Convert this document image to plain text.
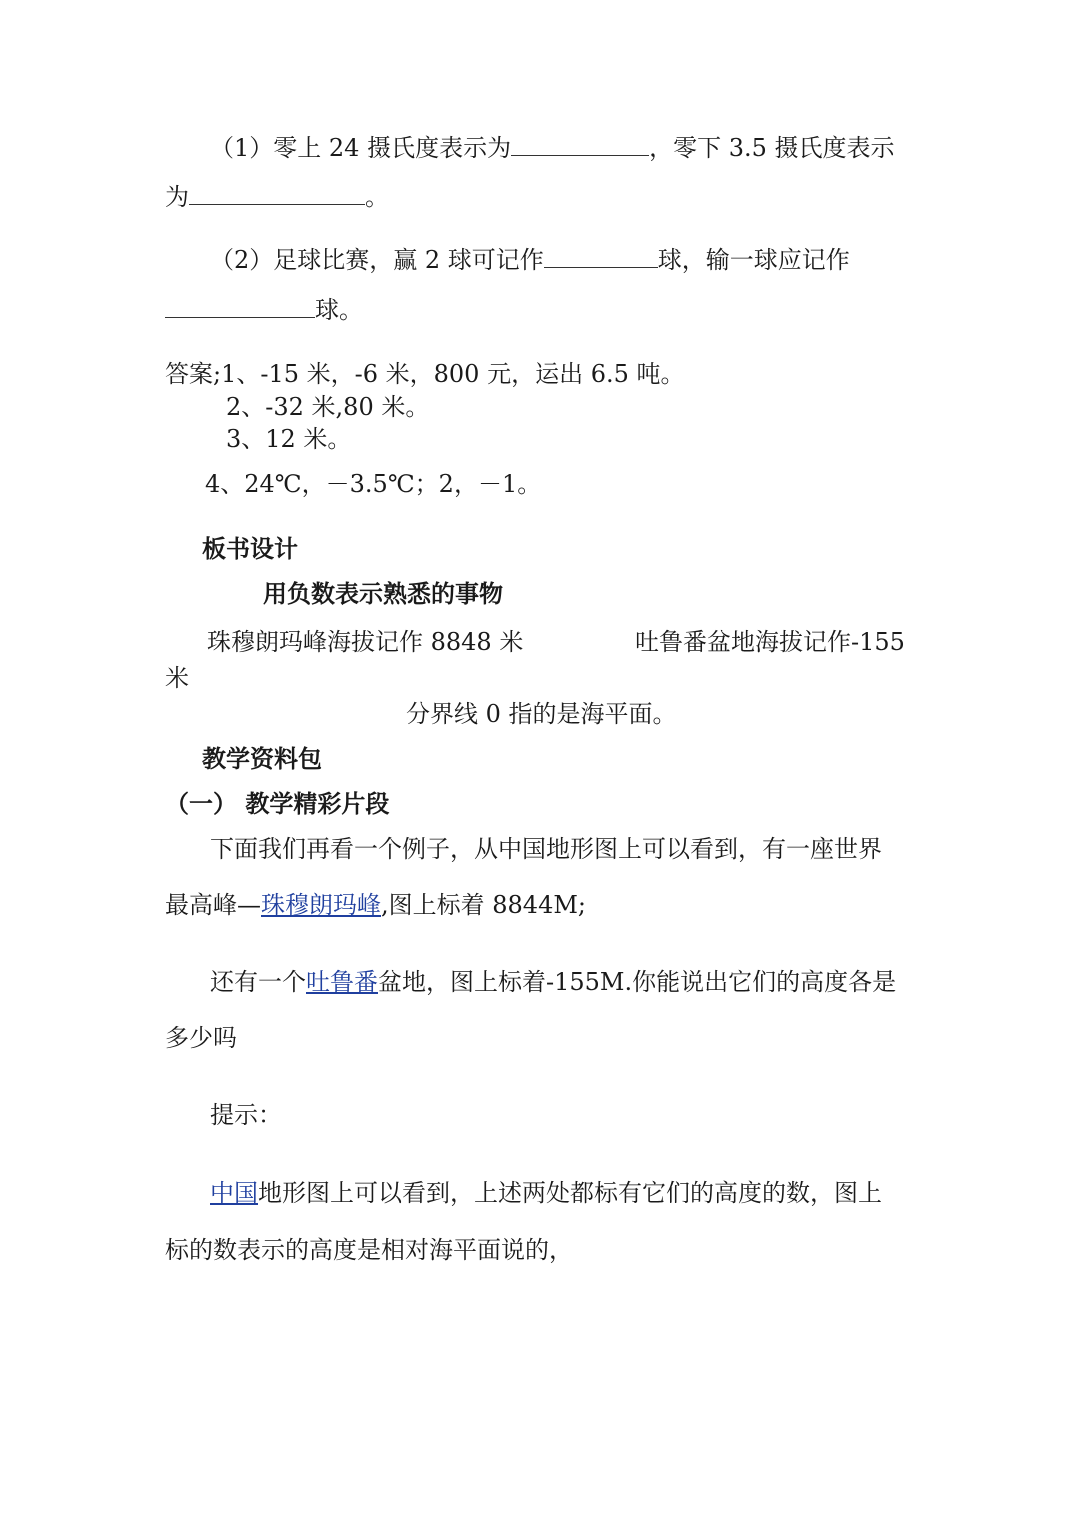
（1）零上 24 摄氏度表示为	，零下 3.5 摄氏度表示

为	。

（2）足球比赛，赢 2 球可记作	球，输一球应记作

球。

答案;1、-15 米，-6 米，800 元，运出 6.5 吨。

2、-32 米,80 米。

3、12 米。

4、24℃，－3.5℃；2，－1。

板书设计

用负数表示熟悉的事物

珠穆朗玛峰海拔记作 8848 米	吐鲁番盆地海拔记作-155

米

分界线 0 指的是海平面。

教学资料包

（一） 教学精彩片段

下面我们再看一个例子，从中国地形图上可以看到，有一座世界

最高峰—珠穆朗玛峰,图上标着 8844M;

还有一个吐鲁番盆地，图上标着-155M.你能说出它们的高度各是

多少吗

提示：

中国地形图上可以看到，上述两处都标有它们的高度的数，图上

标的数表示的高度是相对海平面说的，
